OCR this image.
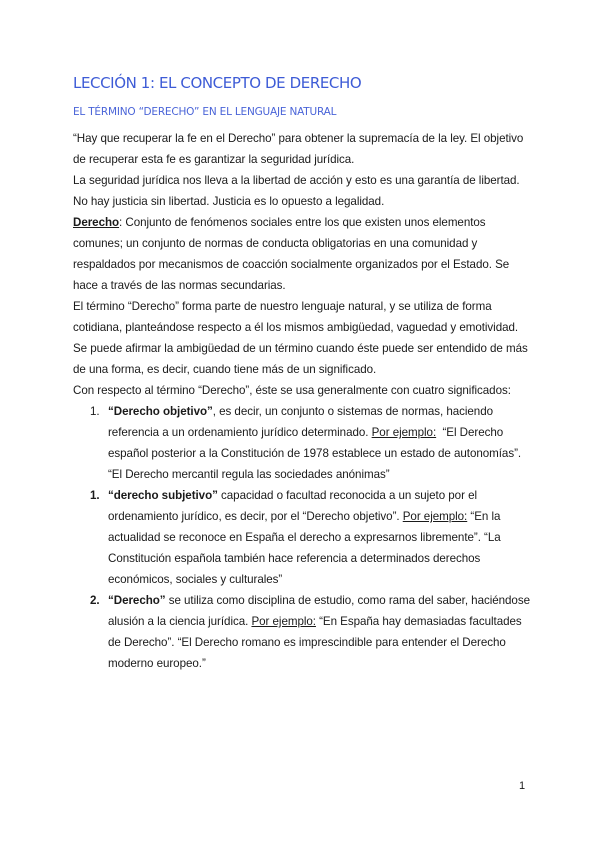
LECCIÓN 1: EL CONCEPTO DE DERECHO
EL TÉRMINO “DERECHO” EN EL LENGUAJE NATURAL

“Hay que recuperar la fe en el Derecho” para obtener la supremacía de la ley. El objetivo de recuperar esta fe es garantizar la seguridad jurídica.

La seguridad jurídica nos lleva a la libertad de acción y esto es una garantía de libertad. No hay justicia sin libertad. Justicia es lo opuesto a legalidad.

Derecho: Conjunto de fenómenos sociales entre los que existen unos elementos comunes; un conjunto de normas de conducta obligatorias en una comunidad y respaldados por mecanismos de coacción socialmente organizados por el Estado. Se hace a través de las normas secundarias.

El término “Derecho” forma parte de nuestro lenguaje natural, y se utiliza de forma cotidiana, planteándose respecto a él los mismos ambigüedad, vaguedad y emotividad.

Se puede afirmar la ambigüedad de un término cuando éste puede ser entendido de más de una forma, es decir, cuando tiene más de un significado.

Con respecto al término “Derecho”, éste se usa generalmente con cuatro significados:

1. “Derecho objetivo”, es decir, un conjunto o sistemas de normas, haciendo referencia a un ordenamiento jurídico determinado. Por ejemplo:  “El Derecho español posterior a la Constitución de 1978 establece un estado de autonomías”. “El Derecho mercantil regula las sociedades anónimas”
1. “derecho subjetivo” capacidad o facultad reconocida a un sujeto por el ordenamiento jurídico, es decir, por el “Derecho objetivo”. Por ejemplo: “En la actualidad se reconoce en España el derecho a expresarnos libremente”. “La Constitución española también hace referencia a determinados derechos económicos, sociales y culturales”
2. “Derecho” se utiliza como disciplina de estudio, como rama del saber, haciéndose alusión a la ciencia jurídica. Por ejemplo: “En España hay demasiadas facultades de Derecho”. “El Derecho romano es imprescindible para entender el Derecho moderno europeo.”
1
